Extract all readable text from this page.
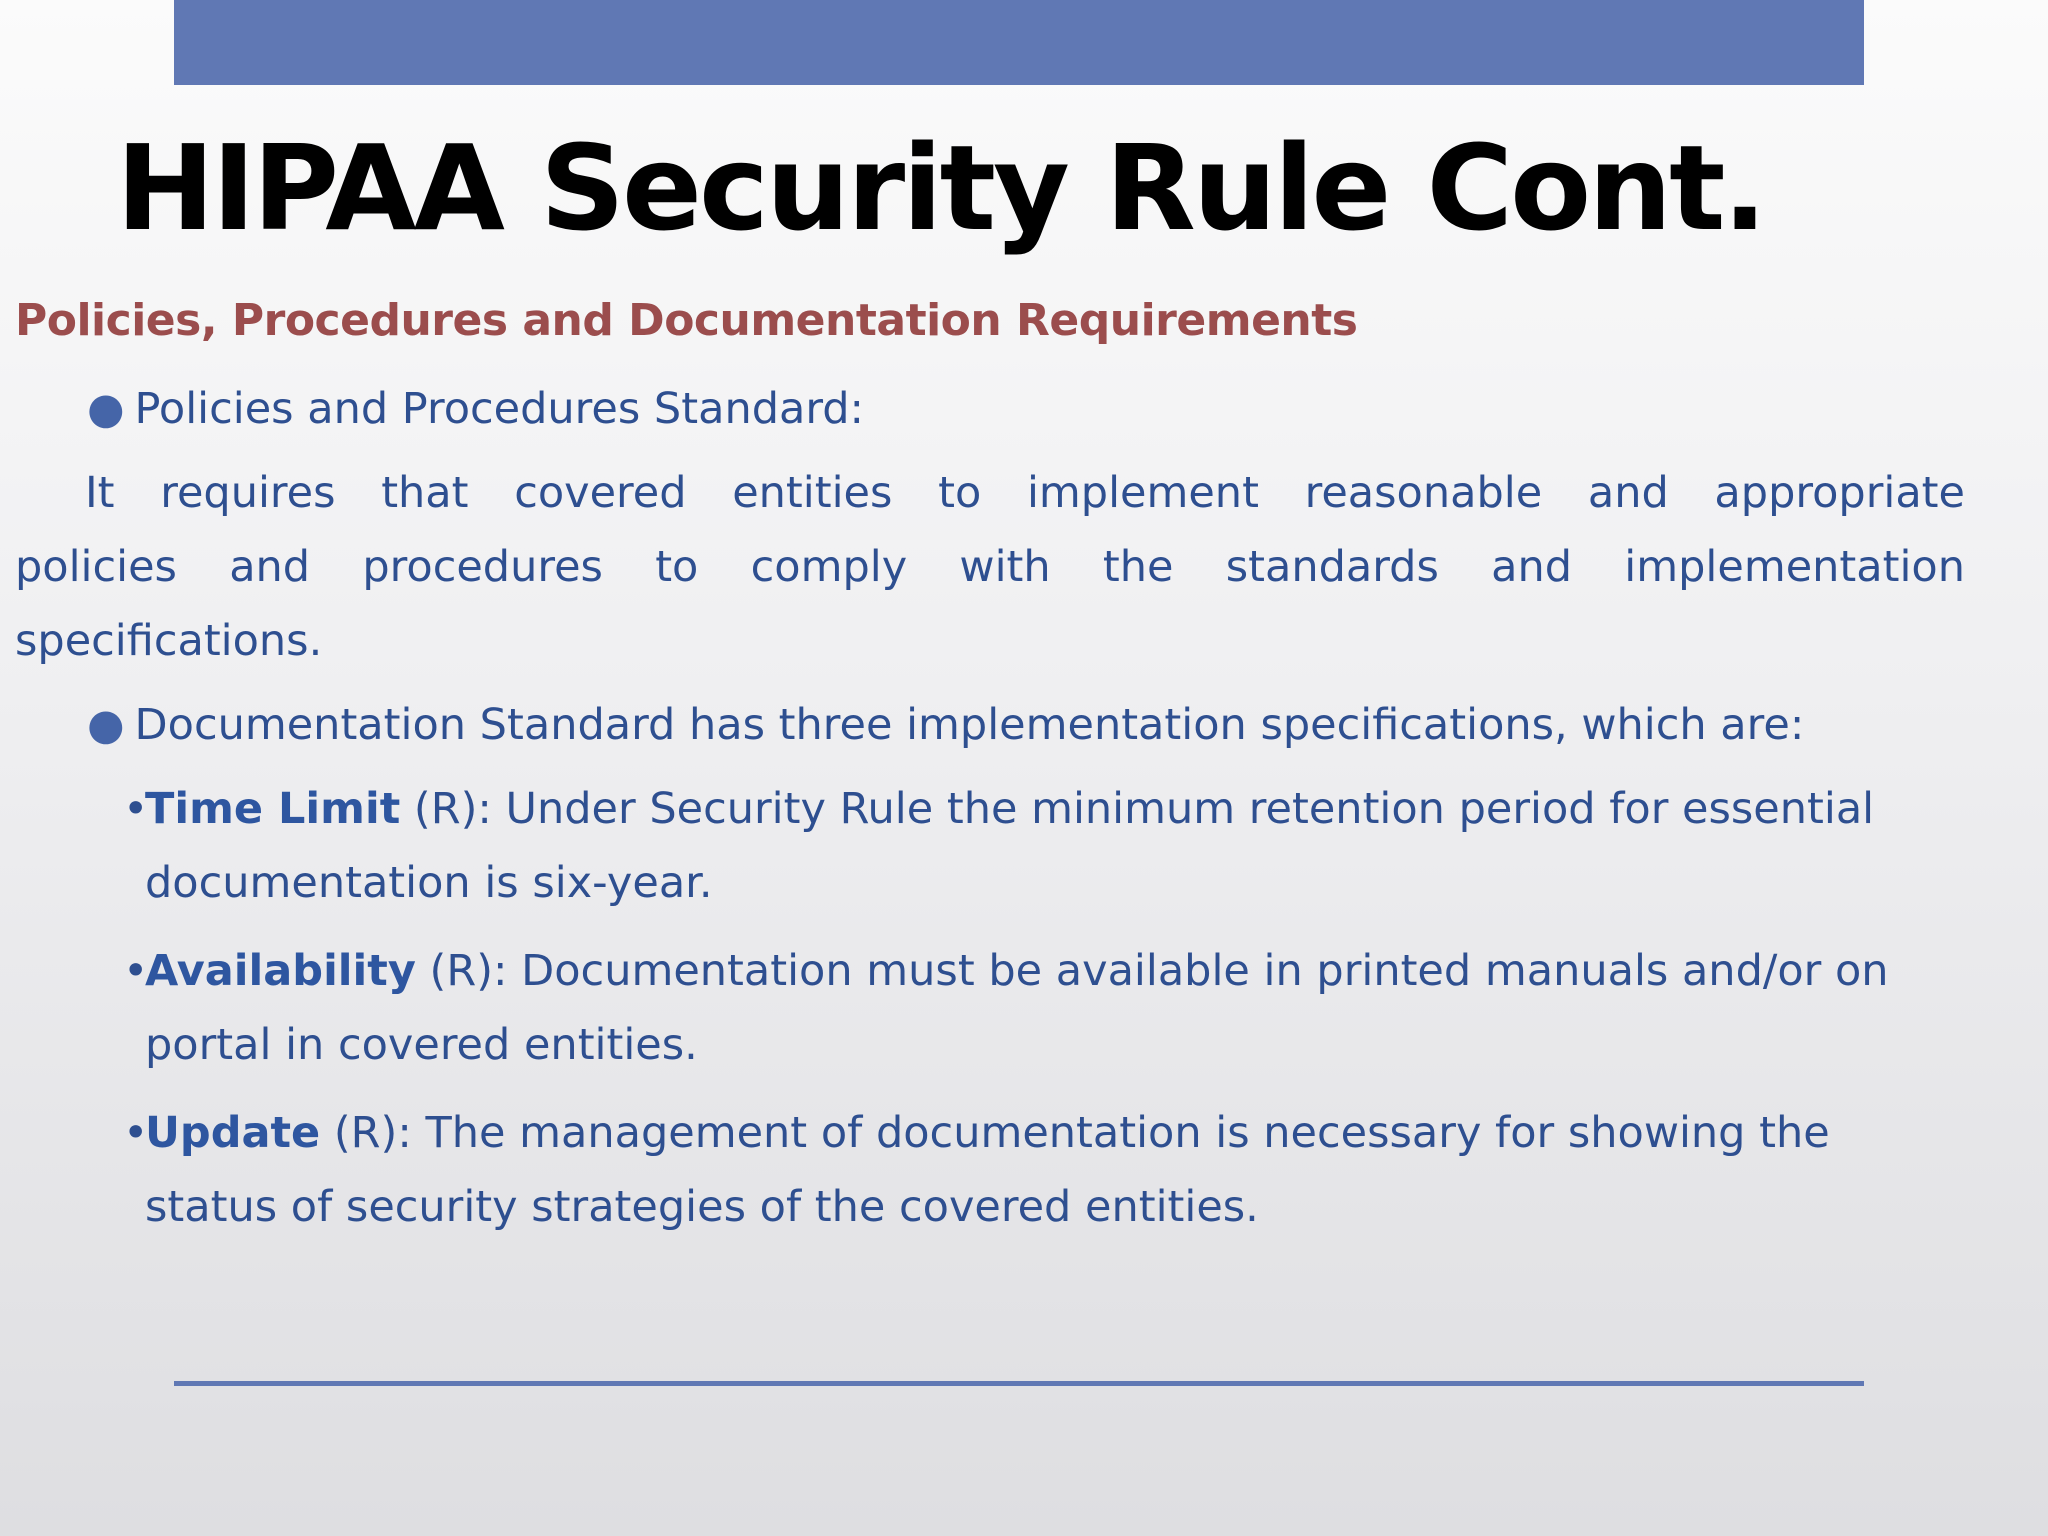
HIPAA Security Rule Cont.
Policies, Procedures and Documentation Requirements
● Policies and Procedures Standard:
It requires that covered entities to implement reasonable and appropriate policies and procedures to comply with the standards and implementation specifications.
● Documentation Standard has three implementation specifications, which are:
•
Time Limit (R): Under Security Rule the minimum retention period for essential documentation is six-year.
•
Availability (R): Documentation must be available in printed manuals and/or on portal in covered entities.
•
Update (R): The management of documentation is necessary for showing the status of security strategies of the covered entities.
